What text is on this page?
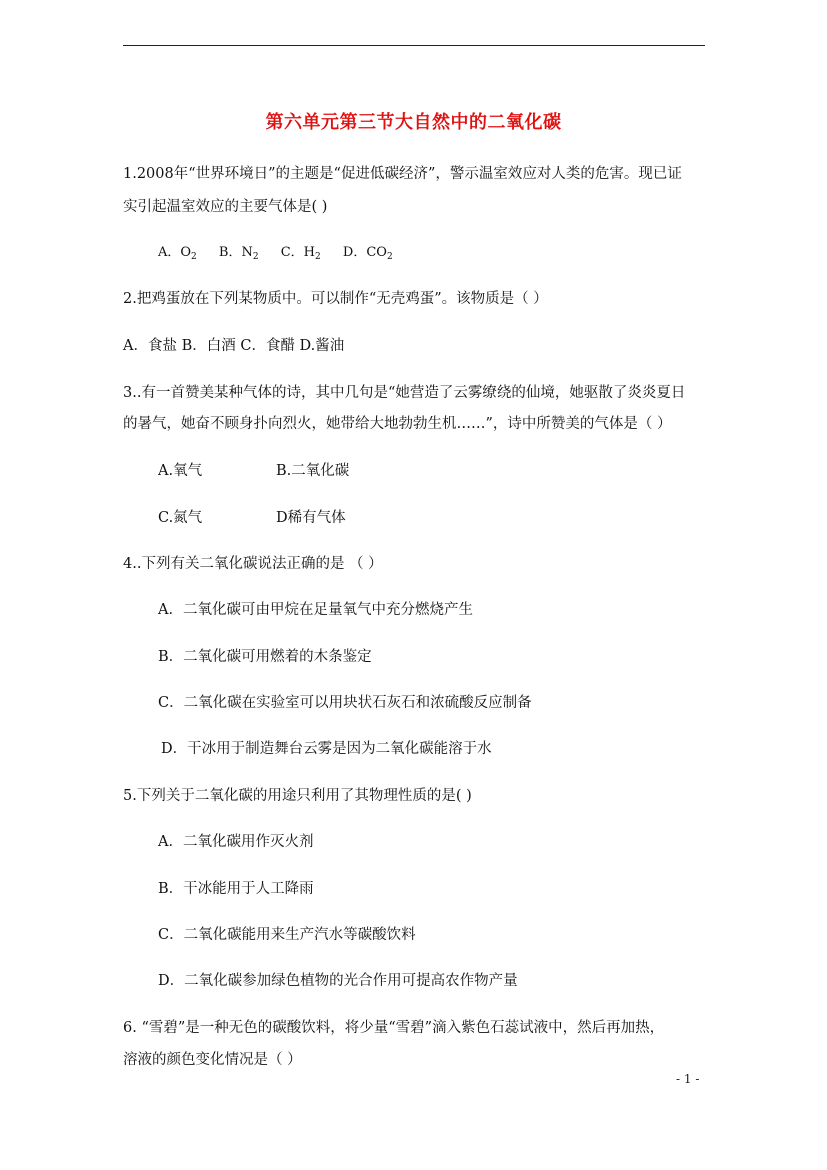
第六单元第三节大自然中的二氧化碳
1.2008年“世界环境日”的主题是“促进低碳经济”，警示温室效应对人类的危害。现已证
实引起温室效应的主要气体是( )
A．$O_2$ B．$N_2$ C．$H_2$ D．$CO_2$
2.把鸡蛋放在下列某物质中。可以制作“无壳鸡蛋”。该物质是（ ）
A．食盐 B．白酒 C．食醋 D.酱油
3..有一首赞美某种气体的诗，其中几句是“她营造了云雾缭绕的仙境，她驱散了炎炎夏日
的暑气，她奋不顾身扑向烈火，她带给大地勃勃生机……”，诗中所赞美的气体是（ ）
A.氧气	B.二氧化碳
C.氮气	D稀有气体
4..下列有关二氧化碳说法正确的是 （ ）
A．二氧化碳可由甲烷在足量氧气中充分燃烧产生
B．二氧化碳可用燃着的木条鉴定
C．二氧化碳在实验室可以用块状石灰石和浓硫酸反应制备
D．干冰用于制造舞台云雾是因为二氧化碳能溶于水
5.下列关于二氧化碳的用途只利用了其物理性质的是( )
A．二氧化碳用作灭火剂
B．干冰能用于人工降雨
C．二氧化碳能用来生产汽水等碳酸饮料
D．二氧化碳参加绿色植物的光合作用可提高农作物产量
6. “雪碧”是一种无色的碳酸饮料，将少量“雪碧”滴入紫色石蕊试液中，然后再加热，
溶液的颜色变化情况是（ ）
- 1 -
